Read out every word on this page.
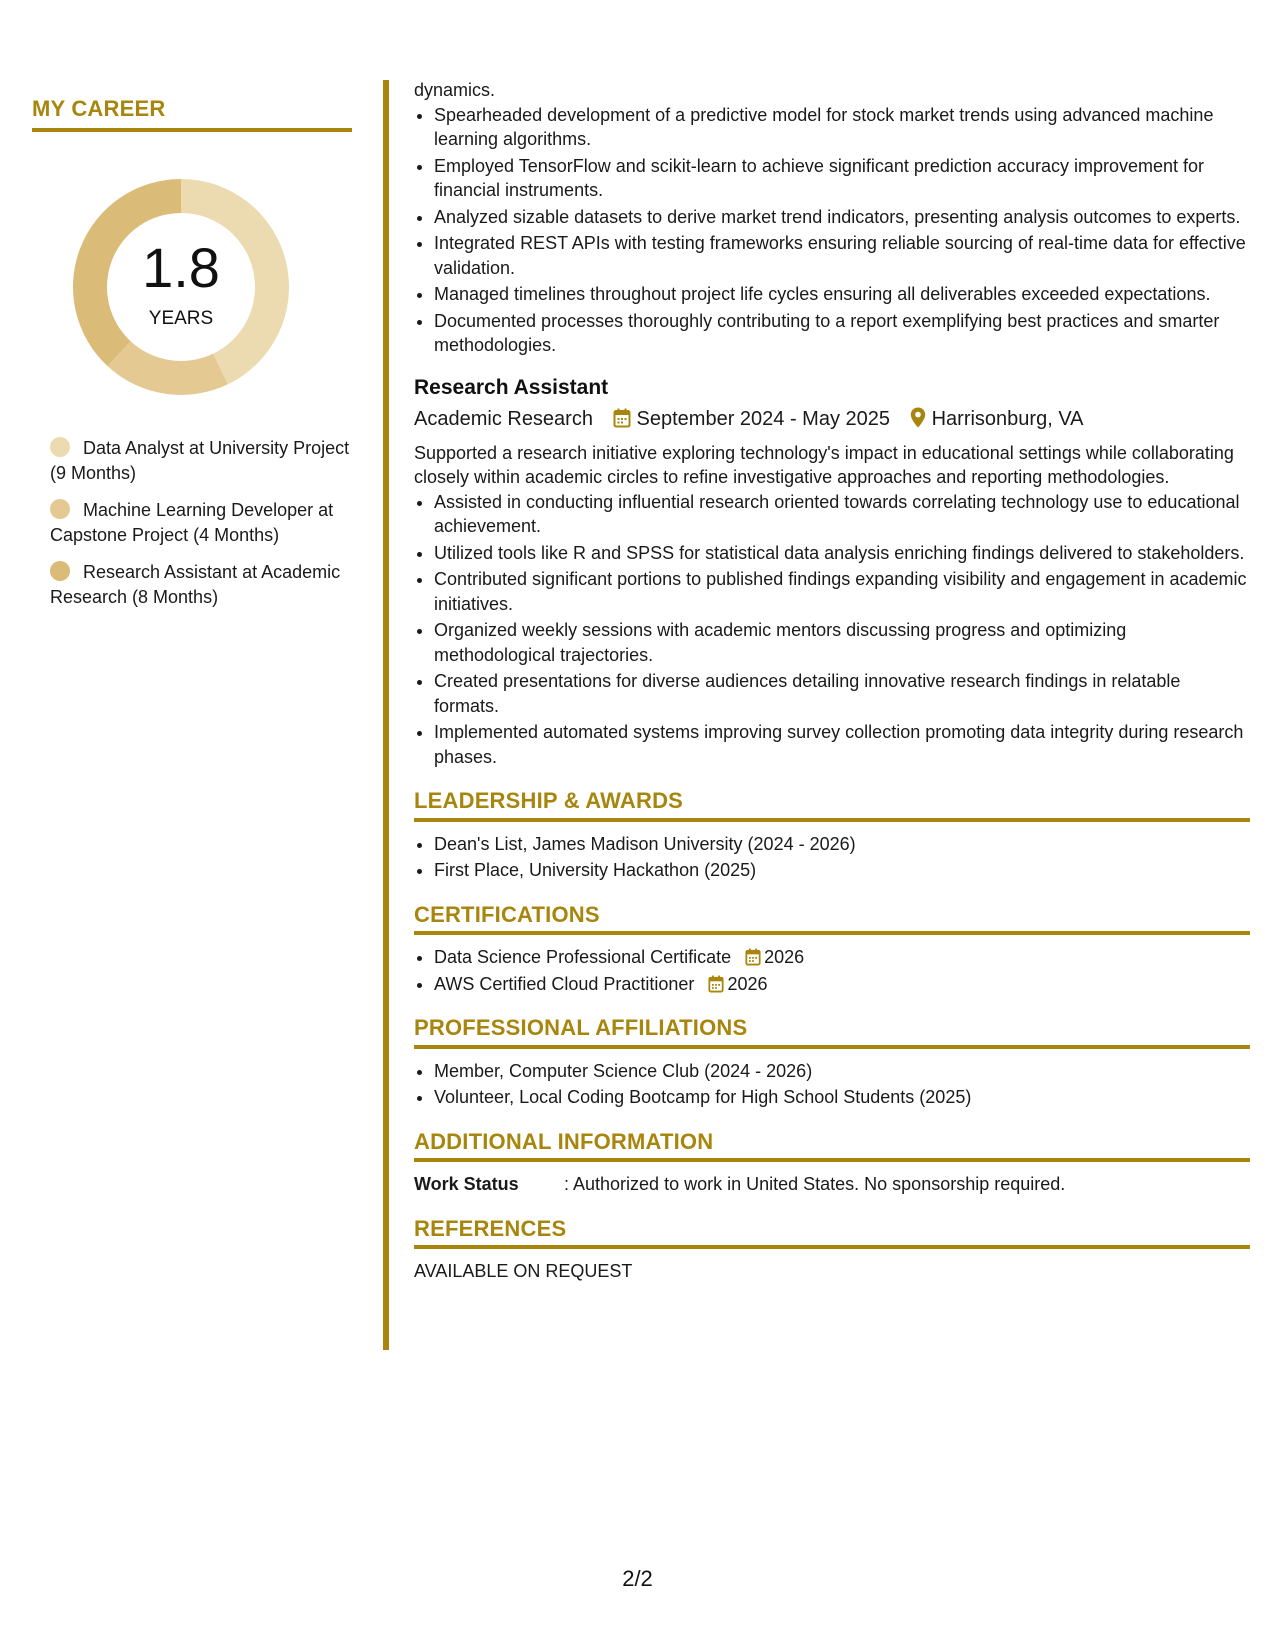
MY CAREER
1.8
YEARS
Data Analyst at University Project (9 Months)
Machine Learning Developer at Capstone Project (4 Months)
Research Assistant at Academic Research (8 Months)

dynamics.

• Spearheaded development of a predictive model for stock market trends using advanced machine learning algorithms.
• Employed TensorFlow and scikit-learn to achieve significant prediction accuracy improvement for financial instruments.
• Analyzed sizable datasets to derive market trend indicators, presenting analysis outcomes to experts.
• Integrated REST APIs with testing frameworks ensuring reliable sourcing of real-time data for effective validation.
• Managed timelines throughout project life cycles ensuring all deliverables exceeded expectations.
• Documented processes thoroughly contributing to a report exemplifying best practices and smarter methodologies.
Research Assistant
Academic Research September 2024 - May 2025 Harrisonburg, VA

Supported a research initiative exploring technology's impact in educational settings while collaborating closely within academic circles to refine investigative approaches and reporting methodologies.

• Assisted in conducting influential research oriented towards correlating technology use to educational achievement.
• Utilized tools like R and SPSS for statistical data analysis enriching findings delivered to stakeholders.
• Contributed significant portions to published findings expanding visibility and engagement in academic initiatives.
• Organized weekly sessions with academic mentors discussing progress and optimizing methodological trajectories.
• Created presentations for diverse audiences detailing innovative research findings in relatable formats.
• Implemented automated systems improving survey collection promoting data integrity during research phases.
LEADERSHIP & AWARDS
• Dean's List, James Madison University (2024 - 2026)
• First Place, University Hackathon (2025)
CERTIFICATIONS
• Data Science Professional Certificate 2026
• AWS Certified Cloud Practitioner 2026
PROFESSIONAL AFFILIATIONS
• Member, Computer Science Club (2024 - 2026)
• Volunteer, Local Coding Bootcamp for High School Students (2025)
ADDITIONAL INFORMATION

Work Status	: Authorized to work in United States. No sponsorship required.

REFERENCES

AVAILABLE ON REQUEST

2/2
